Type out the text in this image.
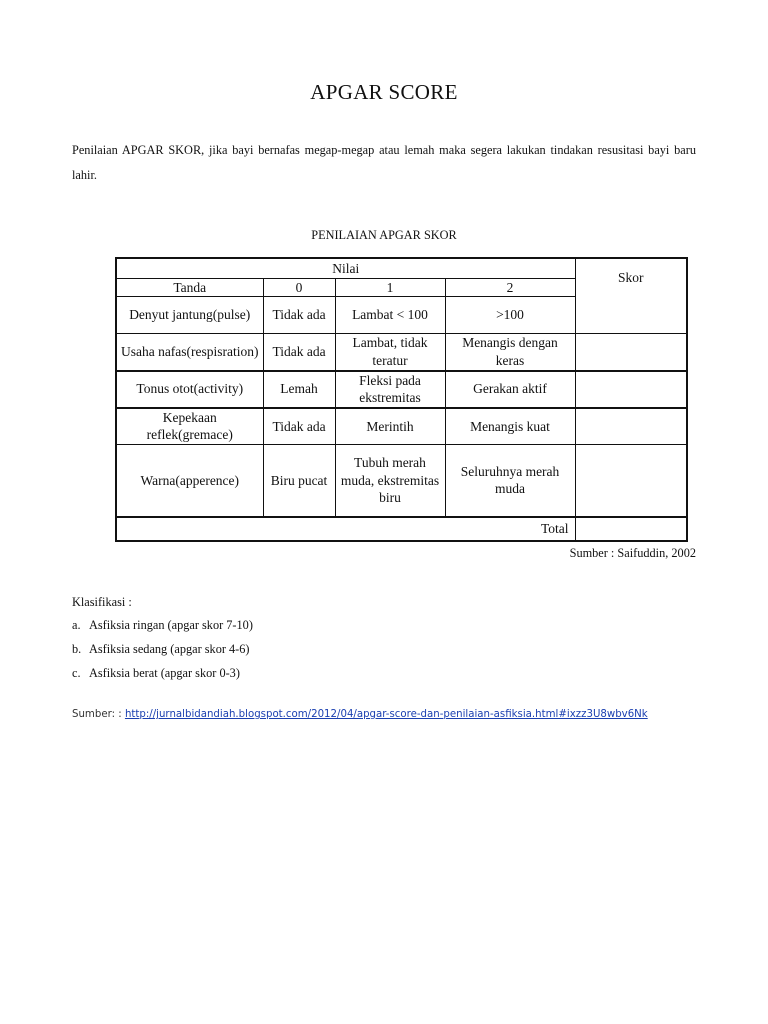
APGAR SCORE
Penilaian APGAR SKOR, jika bayi bernafas megap-megap atau lemah maka segera lakukan tindakan resusitasi bayi baru lahir.
PENILAIAN APGAR SKOR
Nilai				Skor
Tanda	0	1	2	
Denyut jantung(pulse)	Tidak ada	Lambat < 100	>100	
Usaha nafas(respisration)	Tidak ada	Lambat, tidak teratur	Menangis dengan keras	
Tonus otot(activity)	Lemah	Fleksi pada ekstremitas	Gerakan aktif	
Kepekaan reflek(gremace)	Tidak ada	Merintih	Menangis kuat	
Warna(apperence)	Biru pucat	Tubuh merah muda, ekstremitas biru	Seluruhnya merah muda	
Total				
Sumber : Saifuddin, 2002
Klasifikasi :
a. Asfiksia ringan (apgar skor 7-10)
b. Asfiksia sedang (apgar skor 4-6)
c. Asfiksia berat (apgar skor 0-3)
Sumber: : http://jurnalbidandiah.blogspot.com/2012/04/apgar-score-dan-penilaian-asfiksia.html#ixzz3U8wbv6Nk
